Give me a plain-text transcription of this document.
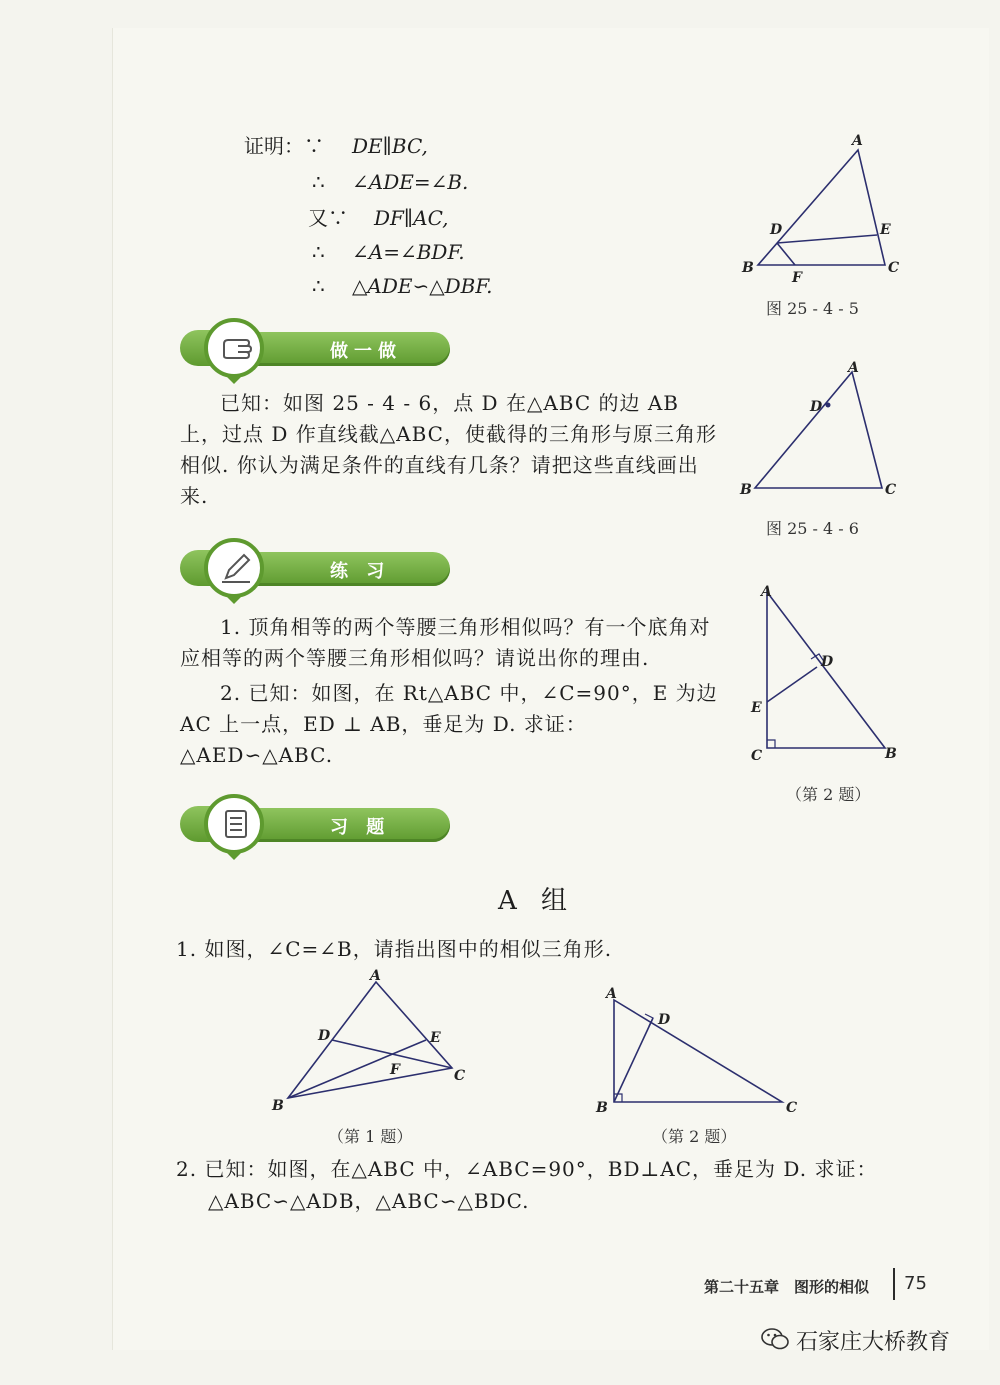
证明：∵ DE∥BC,
∴ ∠ADE=∠B.
又∵ DF∥AC,
∴ ∠A=∠BDF.
∴ △ADE∽△DBF.
A
D	E
B
F
C
图 25 - 4 - 5
做一做
已知：如图 25 - 4 - 6，点 D 在△ABC 的边 AB 上，过点 D 作直线截△ABC，使截得的三角形与原三角形相似. 你认为满足条件的直线有几条？请把这些直线画出来.
A
D
B	C
图 25 - 4 - 6
练 习
1. 顶角相等的两个等腰三角形相似吗？有一个底角对应相等的两个等腰三角形相似吗？请说出你的理由.
2. 已知：如图，在 Rt△ABC 中，∠C=90°，E 为边 AC 上一点，ED ⊥ AB，垂足为 D. 求证：△AED∽△ABC.
A
D
E
C	B
（第 2 题）
习 题
A 组
1. 如图，∠C=∠B，请指出图中的相似三角形.
A
D	E
F	C
B
（第 1 题）
A
D
B	C
（第 2 题）
2. 已知：如图，在△ABC 中，∠ABC=90°，BD⊥AC，垂足为 D. 求证：
△ABC∽△ADB，△ABC∽△BDC.
第二十五章　图形的相似 75
石家庄大桥教育
